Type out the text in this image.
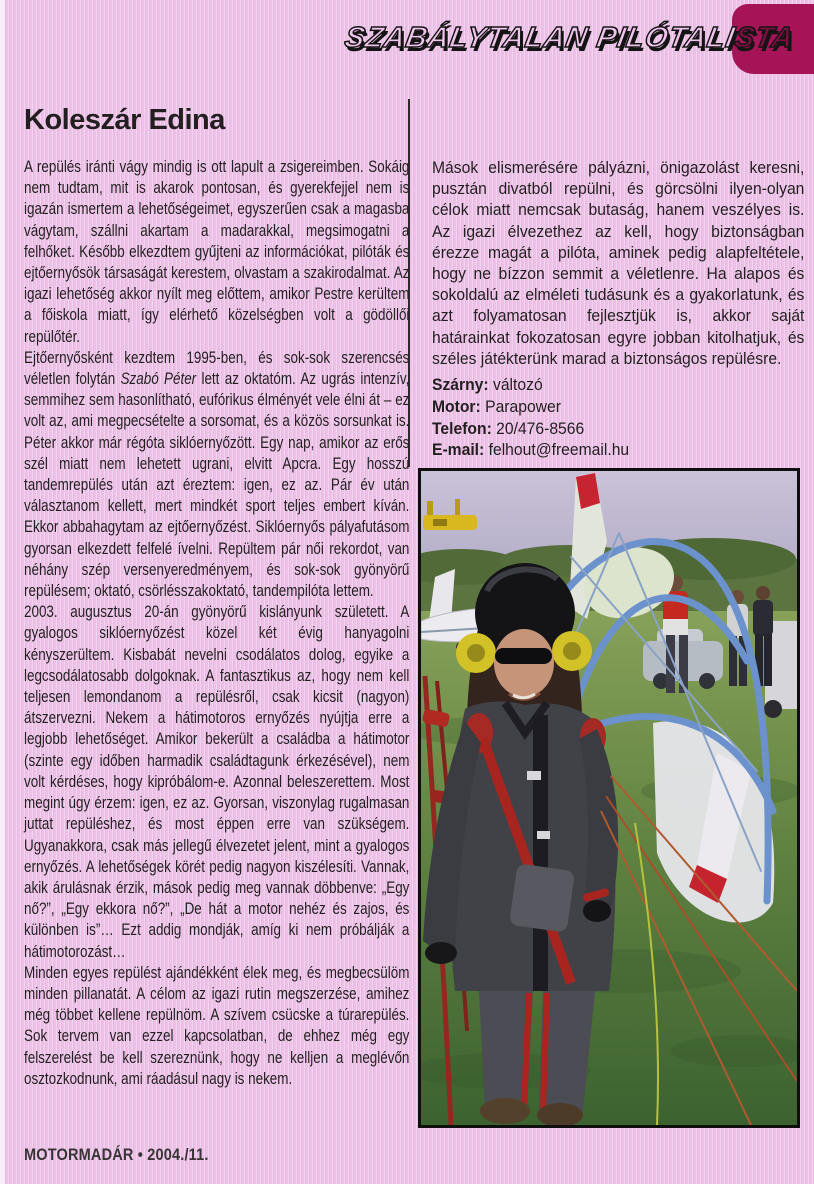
SZABÁLYTALAN PILÓTALISTA
Koleszár Edina

A repülés iránti vágy mindig is ott lapult a zsigereimben. Sokáig nem tudtam, mit is akarok pontosan, és gyerekfejjel nem is igazán ismertem a lehetőségeimet, egyszerűen csak a magasba vágytam, szállni akartam a madarakkal, megsimogatni a felhőket. Később elkezdtem gyűjteni az információkat, pilóták és ejtőernyősök társaságát kerestem, olvastam a szakirodalmat. Az igazi lehetőség akkor nyílt meg előttem, amikor Pestre kerültem a főiskola miatt, így elérhető közelségben volt a gödöllői repülőtér.

Ejtőernyősként kezdtem 1995-ben, és sok-sok szerencsés véletlen folytán Szabó Péter lett az oktatóm. Az ugrás intenzív, semmihez sem hasonlítható, eufórikus élményét vele élni át – ez volt az, ami megpecsételte a sorsomat, és a közös sorsunkat is. Péter akkor már régóta siklóernyőzött. Egy nap, amikor az erős szél miatt nem lehetett ugrani, elvitt Apcra. Egy hosszú tandemrepülés után azt éreztem: igen, ez az. Pár év után választanom kellett, mert mindkét sport teljes embert kíván. Ekkor abbahagytam az ejtőernyőzést. Siklóernyős pályafutásom gyorsan elkezdett felfelé ívelni. Repültem pár női rekordot, van néhány szép versenyeredményem, és sok-sok gyönyörű repülésem; oktató, csörlésszakoktató, tandempilóta lettem.

2003. augusztus 20-án gyönyörű kislányunk született. A gyalogos siklóernyőzést közel két évig hanyagolni kényszerültem. Kisbabát nevelni csodálatos dolog, egyike a legcsodálatosabb dolgoknak. A fantasztikus az, hogy nem kell teljesen lemondanom a repülésről, csak kicsit (nagyon) átszervezni. Nekem a hátimotoros ernyőzés nyújtja erre a legjobb lehetőséget. Amikor bekerült a családba a hátimotor (szinte egy időben harmadik családtagunk érkezésével), nem volt kérdéses, hogy kipróbálom-e. Azonnal beleszerettem. Most megint úgy érzem: igen, ez az. Gyorsan, viszonylag rugalmasan juttat repüléshez, és most éppen erre van szükségem. Ugyanakkora, csak más jellegű élvezetet jelent, mint a gyalogos ernyőzés. A lehetőségek körét pedig nagyon kiszélesíti. Vannak, akik árulásnak érzik, mások pedig meg vannak döbbenve: „Egy nő?”, „Egy ekkora nő?”, „De hát a motor nehéz és zajos, és különben is”… Ezt addig mondják, amíg ki nem próbálják a hátimotorozást…

Minden egyes repülést ajándékként élek meg, és megbecsülöm minden pillanatát. A célom az igazi rutin megszerzése, amihez még többet kellene repülnöm. A szívem csücske a túrarepülés. Sok tervem van ezzel kapcsolatban, de ehhez még egy felszerelést be kell szereznünk, hogy ne kelljen a meglévőn osztozkodnunk, ami ráadásul nagy is nekem.

Mások elismerésére pályázni, önigazolást keresni, pusztán divatból repülni, és görcsölni ilyen-olyan célok miatt nemcsak butaság, hanem veszélyes is. Az igazi élvezethez az kell, hogy biztonságban érezze magát a pilóta, aminek pedig alapfeltétele, hogy ne bízzon semmit a véletlenre. Ha alapos és sokoldalú az elméleti tudásunk és a gyakorlatunk, és azt folyamatosan fejlesztjük is, akkor saját határainkat fokozatosan egyre jobban kitolhatjuk, és széles játékterünk marad a biztonságos repülésre.

Szárny: változó
Motor: Parapower
Telefon: 20/476-8566
E-mail: felhout@freemail.hu
MOTORMADÁR • 2004./11.
